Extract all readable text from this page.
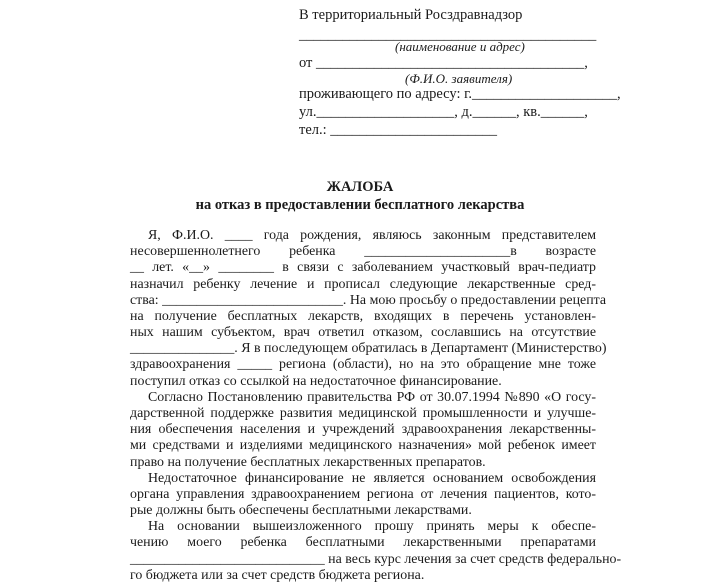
В территориальный Росздравнадзор
_________________________________________
(наименование и адрес)
от _____________________________________,
(Ф.И.О. заявителя)
проживающего по адресу: г.____________________,
ул.___________________, д.______, кв.______,
тел.: _______________________
ЖАЛОБА
на отказ в предоставлении бесплатного лекарства
Я, Ф.И.О. ____ года рождения, являюсь законным представителем
несовершеннолетнего ребенка _____________________в возрасте
__ лет. «__» ________ в связи с заболеванием участковый врач-педиатр
назначил ребенку лечение и прописал следующие лекарственные сред-
ства: __________________________. На мою просьбу о предоставлении рецепта
на получение бесплатных лекарств, входящих в перечень установлен-
ных нашим субъектом, врач ответил отказом, сославшись на отсутствие
_______________. Я в последующем обратилась в Департамент (Министерство)
здравоохранения _____ региона (области), но на это обращение мне тоже
поступил отказ со ссылкой на недостаточное финансирование.
Согласно Постановлению правительства РФ от 30.07.1994 №890 «О госу-
дарственной поддержке развития медицинской промышленности и улучше-
ния обеспечения населения и учреждений здравоохранения лекарственны-
ми средствами и изделиями медицинского назначения» мой ребенок имеет
право на получение бесплатных лекарственных препаратов.
Недостаточное финансирование не является основанием освобождения
органа управления здравоохранением региона от лечения пациентов, кото-
рые должны быть обеспечены бесплатными лекарствами.
На основании вышеизложенного прошу принять меры к обеспе-
чению моего ребенка бесплатными лекарственными препаратами
____________________________ на весь курс лечения за счет средств федерально-
го бюджета или за счет средств бюджета региона.
